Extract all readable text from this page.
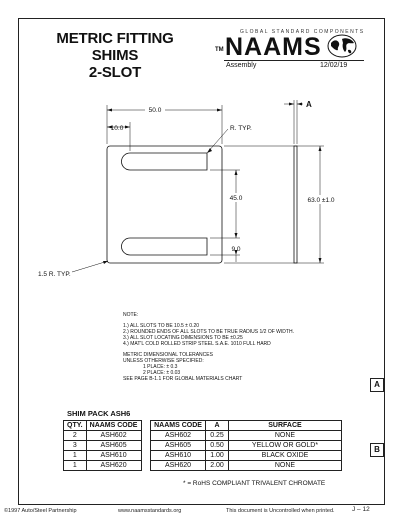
METRIC FITTING SHIMS
2-SLOT
GLOBAL STANDARD COMPONENTS
TM NAAMS
Assembly	12/02/19
50.0
10.0	R. TYP.
45.0
9.0
63.0 ±1.0
1.5 R. TYP.
A
NOTE:
1.) ALL SLOTS TO BE 10.5 ± 0.20
2.) ROUNDED ENDS OF ALL SLOTS TO BE TRUE RADIUS 1/2 OF WIDTH.
3.) ALL SLOT LOCATING DIMENSIONS TO BE ±0.25
4.) MAT'L COLD ROLLED STRIP STEEL S.A.E. 1010 FULL HARD
METRIC DIMENSIONAL TOLERANCES
UNLESS OTHERWISE SPECIFIED:
1 PLACE: ± 0.3
2 PLACE: ± 0.03
SEE PAGE B-1.1 FOR GLOBAL MATERIALS CHART
A
B
SHIM PACK ASH6
QTY.	NAAMS CODE
2	ASH602
3	ASH605
1	ASH610
1	ASH620
NAAMS CODE	A	SURFACE
ASH602	0.25	NONE
ASH605	0.50	YELLOW OR GOLD*
ASH610	1.00	BLACK OXIDE
ASH620	2.00	NONE
* = RoHS COMPLIANT TRIVALENT CHROMATE
©1997 Auto/Steel Partnership	www.naamsstandards.org	This document is Uncontrolled when printed.	J – 12
